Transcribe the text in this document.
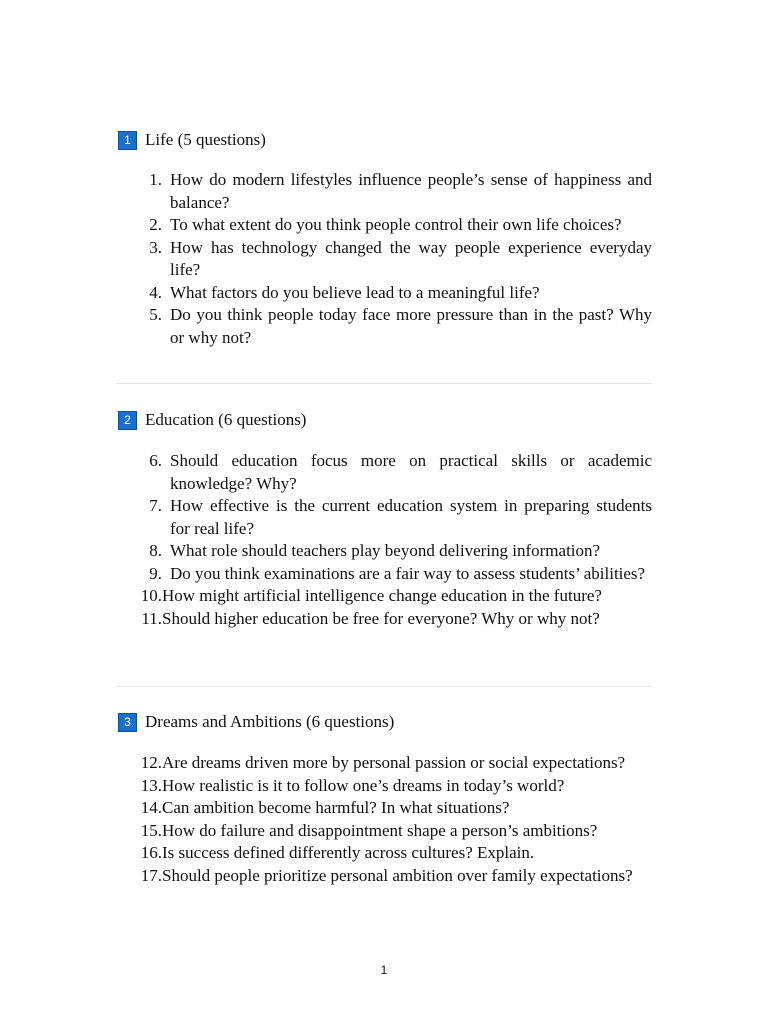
1 Life (5 questions)
1. How do modern lifestyles influence people’s sense of happiness and balance?
2. To what extent do you think people control their own life choices?
3. How has technology changed the way people experience everyday life?
4. What factors do you believe lead to a meaningful life?
5. Do you think people today face more pressure than in the past? Why or why not?
2 Education (6 questions)
6. Should education focus more on practical skills or academic knowledge? Why?
7. How effective is the current education system in preparing students for real life?
8. What role should teachers play beyond delivering information?
9. Do you think examinations are a fair way to assess students’ abilities?
10. How might artificial intelligence change education in the future?
11. Should higher education be free for everyone? Why or why not?
3 Dreams and Ambitions (6 questions)
12. Are dreams driven more by personal passion or social expectations?
13. How realistic is it to follow one’s dreams in today’s world?
14. Can ambition become harmful? In what situations?
15. How do failure and disappointment shape a person’s ambitions?
16. Is success defined differently across cultures? Explain.
17. Should people prioritize personal ambition over family expectations?
1
